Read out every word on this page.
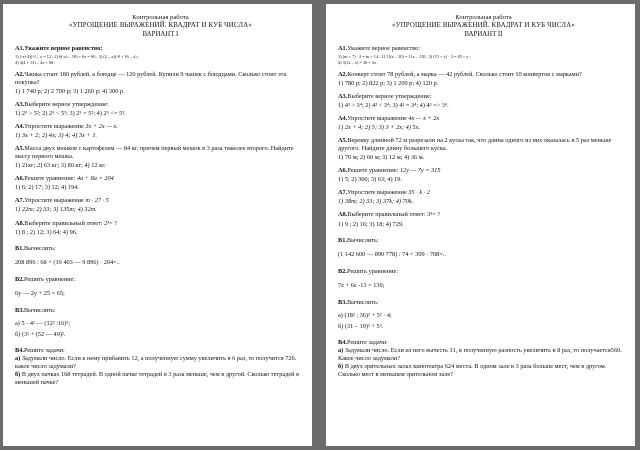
Контрольная работа
«УПРОЩЕНИЕ ВЫРАЖЕНИЙ. КВАДРАТ И КУБ ЧИСЛА»
ВАРИАНТ I
А1.Укажите верное равенство:
1) (-x+4)(-3 – x = 12 ; 2) 6(-x) – 10) + 6x = 60 ; 3) (2 – x)(-8 + 16 – x) ;
4) 4(4 + 13) – 4x + 68 .
А2.Чашка стоит 180 рублей, а блюдце — 120 рублей. Купили 9 чашек с блюдцами. Сколько стоит эта покупка?
1) 1 740 р; 2) 2 700 р; 3) 1 260 р; 4) 300 р.
А3.Выберите верное утверждение:
1) 2⁵ > 5²; 2) 2⁵ < 5²; 3) 2⁵ = 5²; 4) 2⁵ <= 5³.
А4.Упростите выражение 3x + 2x — x.
1) 3x + 2; 2) 4x; 3) 4; 4) 3x + 1.
А5.Масса двух мешков с картофелем — 84 кг, причем первый мешок в 3 раза тяжелее второго. Найдите массу первого мешка.
1) 21кг; 2) 63 кг; 3) 80 кг; 4) 12 кг.
А6.Решите уравнение: 4a + 8a = 204
1) 6; 2) 17; 3) 12; 4) 194.
А7.Упростите выражение m · 27 · 5
1) 22m; 2) 33; 3) 135m; 4) 32m.
А8.Выберите правильный ответ: 2³= ?
1) 8 ; 2) 12; 3) 64; 4) 96.
В1.Вычислить:
208 896 : 68 + (10 403 — 9 896) · 204=..
В2.Решить уравнение:
6у — 2у + 25 = 65;
В3.Вычислить:
а) 5 · 4² — (12² :16)²;
б) (3² + (52 — 49)².
В4.Решите задачи:
а) Задумали число. Если к нему прибавить 12, а полученную сумму увеличить в 6 раз, то получится 720. какое число задумали?
б) В двух пачках 168 тетрадей. В одной пачке тетрадей в 3 раза меньше, чем в другой. Сколько тетрадей в меньшей пачке?
Контрольная работа
«УПРОЩЕНИЕ ВЫРАЖЕНИЙ. КВАДРАТ И КУБ ЧИСЛА»
ВАРИАНТ II
А1.Укажите верное равенство:
1) (m + 7) · 2 = m + 14 ; 2) 11(x – 10) = 11x – 110 ; 3) (15 + y) · 3 = 45 + y ;
4) 3(12 – x) = 36 + 3x .
А2.Конверт стоит 78 рублей, а марка — 42 рублей. Сколько стоит 10 конвертов с марками?
1) 780 р; 2) 822 р; 3) 1 200 р; 4) 120 р.
А3.Выберите верное утверждение:
1) 4³ > 3⁴; 2) 4³ < 3⁴; 3) 4³ = 3⁴; 4) 4³ => 3⁴.
А4.Упростите выражение 4x — x + 2x
1) 2x + 4; 2) 5; 3) 3 + 2x; 4) 5x.
А5.Веревку длинной 72 м разрезали на 2 куска так, что длина одного из них оказалась в 5 раз меньше другого. Найдите длину большего куска.
1) 70 м; 2) 60 м; 3) 12 м; 4) 36 м.
А6.Решите уравнение: 12y — 7y = 315
1) 5; 2) 300; 3) 63; 4) 19.
А7.Упростите выражение 35 · k · 2
1) 38m; 2) 33; 3) 37k; 4) 70k.
А8.Выберите правильный ответ: 3³= ?
1) 9 ; 2) 16; 3) 18; 4) 729.
В1.Вычислить:
(1 142 600 — 890 778) : 74 + 309 · 708=..
В2.Решить уравнение:
7z + 6z -13 = 130;
В3.Вычислить:
а) (18² : 36)² + 5² · 4;
б) (31 – 19)² + 5³.
В4.Решите задачи:
а) Задумали число. Если из него вычесть 31, в полученную разность увеличить в 8 раз, то получается560. Какое число задумали?
б) В двух зрительных залах кинотеатра 624 места. В одном зале в 3 раза больше мест, чем в другом. Сколько мест в меньшем зрительном зале?
